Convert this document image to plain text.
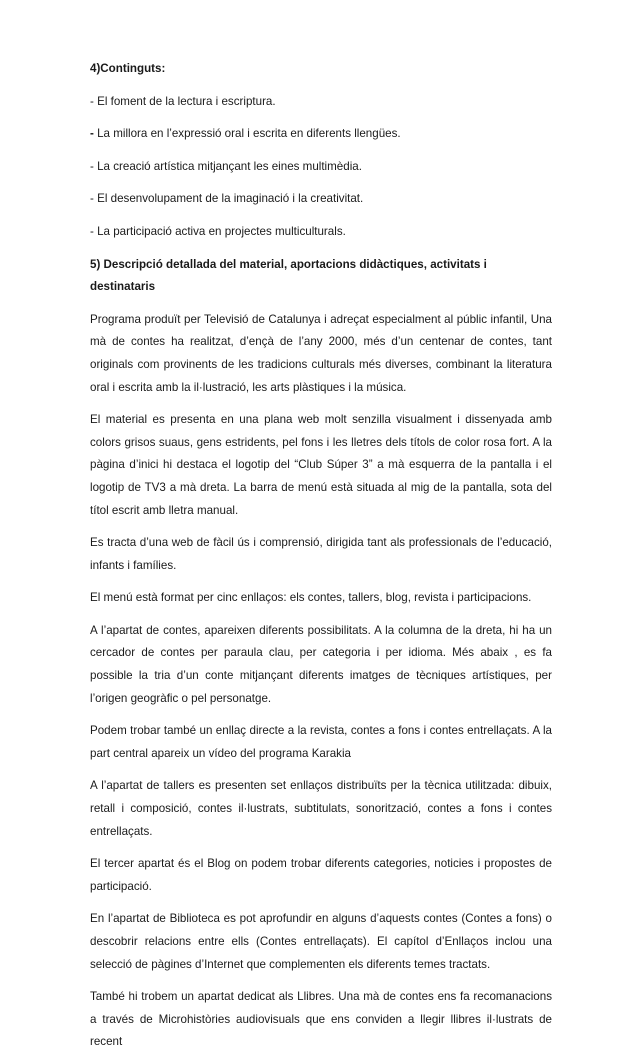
4)Continguts:

- El foment de la lectura i escriptura.

- La millora en l’expressió oral i escrita en diferents llengües.

- La creació artística mitjançant les eines multimèdia.

- El desenvolupament de la imaginació i la creativitat.

- La participació activa en projectes multiculturals.

5) Descripció detallada del material, aportacions didàctiques, activitats i destinataris

Programa produït per Televisió de Catalunya i adreçat especialment al públic infantil, Una mà de contes ha realitzat, d’ençà de l’any 2000, més d’un centenar de contes, tant originals com provinents de les tradicions culturals més diverses, combinant la literatura oral i escrita amb la il·lustració, les arts plàstiques i la música.

El material es presenta en una plana web molt senzilla visualment i dissenyada amb colors grisos suaus, gens estridents, pel fons i les lletres dels títols de color rosa fort. A la pàgina d’inici hi destaca el logotip del “Club Súper 3” a mà esquerra de la pantalla i el logotip de TV3 a mà dreta. La barra de menú està situada al mig de la pantalla, sota del títol escrit amb lletra manual.

Es tracta d’una web de fàcil ús i comprensió, dirigida tant als professionals de l’educació, infants i famílies.

El menú està format per cinc enllaços: els contes, tallers, blog, revista i participacions.

A l’apartat de contes, apareixen diferents possibilitats. A la columna de la dreta, hi ha un cercador de contes per paraula clau, per categoria i per idioma. Més abaix , es fa possible la tria d’un conte mitjançant diferents imatges de tècniques artístiques, per l’origen geogràfic o pel personatge.

Podem trobar també un enllaç directe a la revista, contes a fons i contes entrellaçats. A la part central apareix un vídeo del programa Karakia

A l’apartat de tallers es presenten set enllaços distribuïts per la tècnica utilitzada: dibuix, retall i composició, contes il·lustrats, subtitulats, sonorització, contes a fons i contes entrellaçats.

El tercer apartat és el Blog on podem trobar diferents categories, noticies i propostes de participació.

En l’apartat de Biblioteca es pot aprofundir en alguns d’aquests contes (Contes a fons) o descobrir relacions entre ells (Contes entrellaçats). El capítol d’Enllaços inclou una selecció de pàgines d’Internet que complementen els diferents temes tractats.

També hi trobem un apartat dedicat als Llibres. Una mà de contes ens fa recomanacions a través de Microhistòries audiovisuals que ens conviden a llegir llibres il·lustrats de recent
